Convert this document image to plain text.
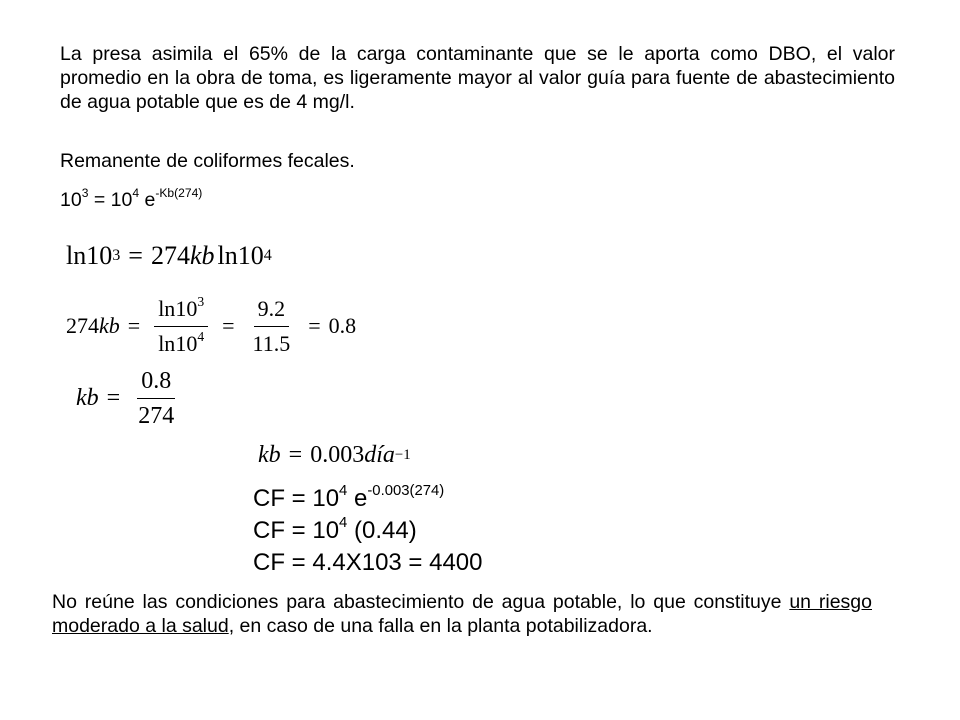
La presa asimila el 65% de la carga contaminante que se le aporta como DBO, el valor promedio en la obra de toma, es ligeramente mayor al valor guía para fuente de abastecimiento de agua potable que es de 4 mg/l.
Remanente de coliformes fecales.
$10^3 = 10^4$ $e^{-Kb(274)}$
ln 10 3 = 274 kb ln 10 4
274 kb = $\frac{\ln 10^3}{\ln 10^4} = \frac{9.2}{11.5} = 0.8$
kb = $\frac{0.8}{274}$
kb = 0.003 día −1
CF = $10^4$ $e^{-0.003(274)}$
CF = $10^4$ (0.44)
CF = 4.4X103 = 4400
No reúne las condiciones para abastecimiento de agua potable, lo que constituye un riesgo moderado a la salud, en caso de una falla en la planta potabilizadora.
